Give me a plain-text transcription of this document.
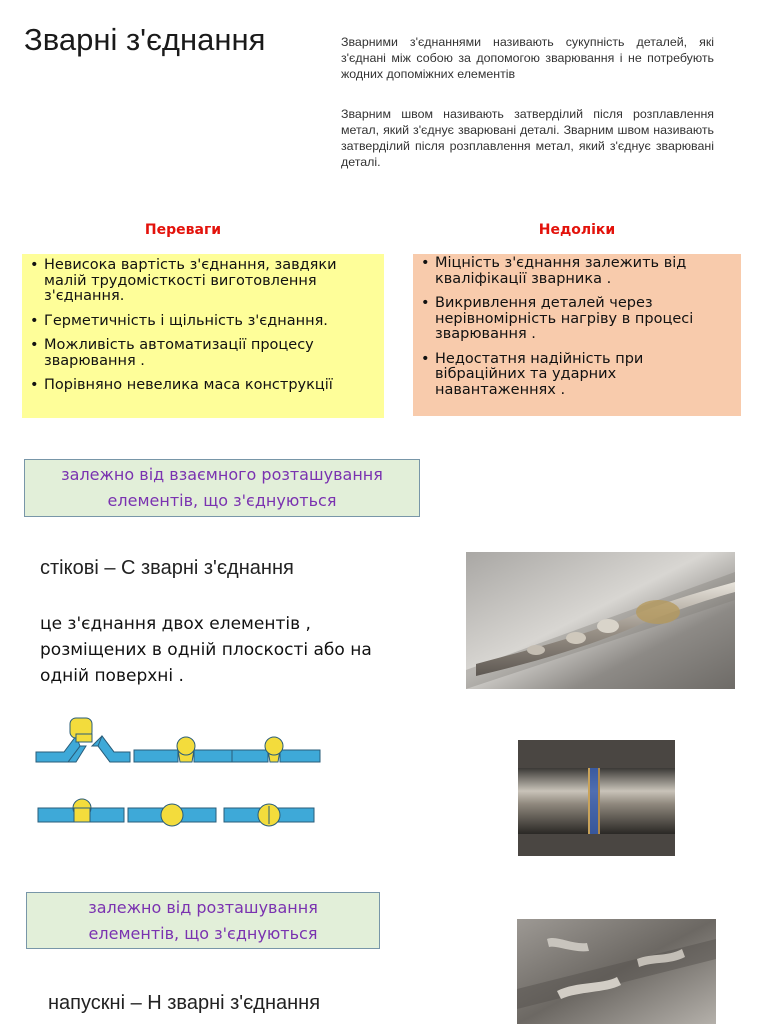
Зварні з'єднання	Зварними з'єднаннями називають сукупність деталей, які з'єднані між собою за допомогою зварювання і не потребують жодних допоміжних елементів
Зварним швом називають затверділий після розплавлення метал, який з'єднує зварювані деталі. Зварним швом називають затверділий після розплавлення метал, який з'єднує зварювані деталі.
Переваги	Недоліки
• Невисока вартість з'єднання, завдяки малій трудомісткості виготовлення з'єднання.
• Герметичність і щільність з'єднання.
• Можливість автоматизації процесу зварювання .
• Порівняно невелика маса конструкції
• Міцність з'єднання залежить від кваліфікації зварника .
• Викривлення деталей через нерівномірність нагріву в процесі зварювання .
• Недостатня надійність при вібраційних та ударних навантаженнях .
залежно від взаємного розташування
елементів, що з'єднуються
стікові – С зварні з'єднання
це з'єднання двох елементів ,
розміщених в одній плоскості або на
одній поверхні .
залежно від розташування
елементів, що з'єднуються
напускні – Н зварні з'єднання
